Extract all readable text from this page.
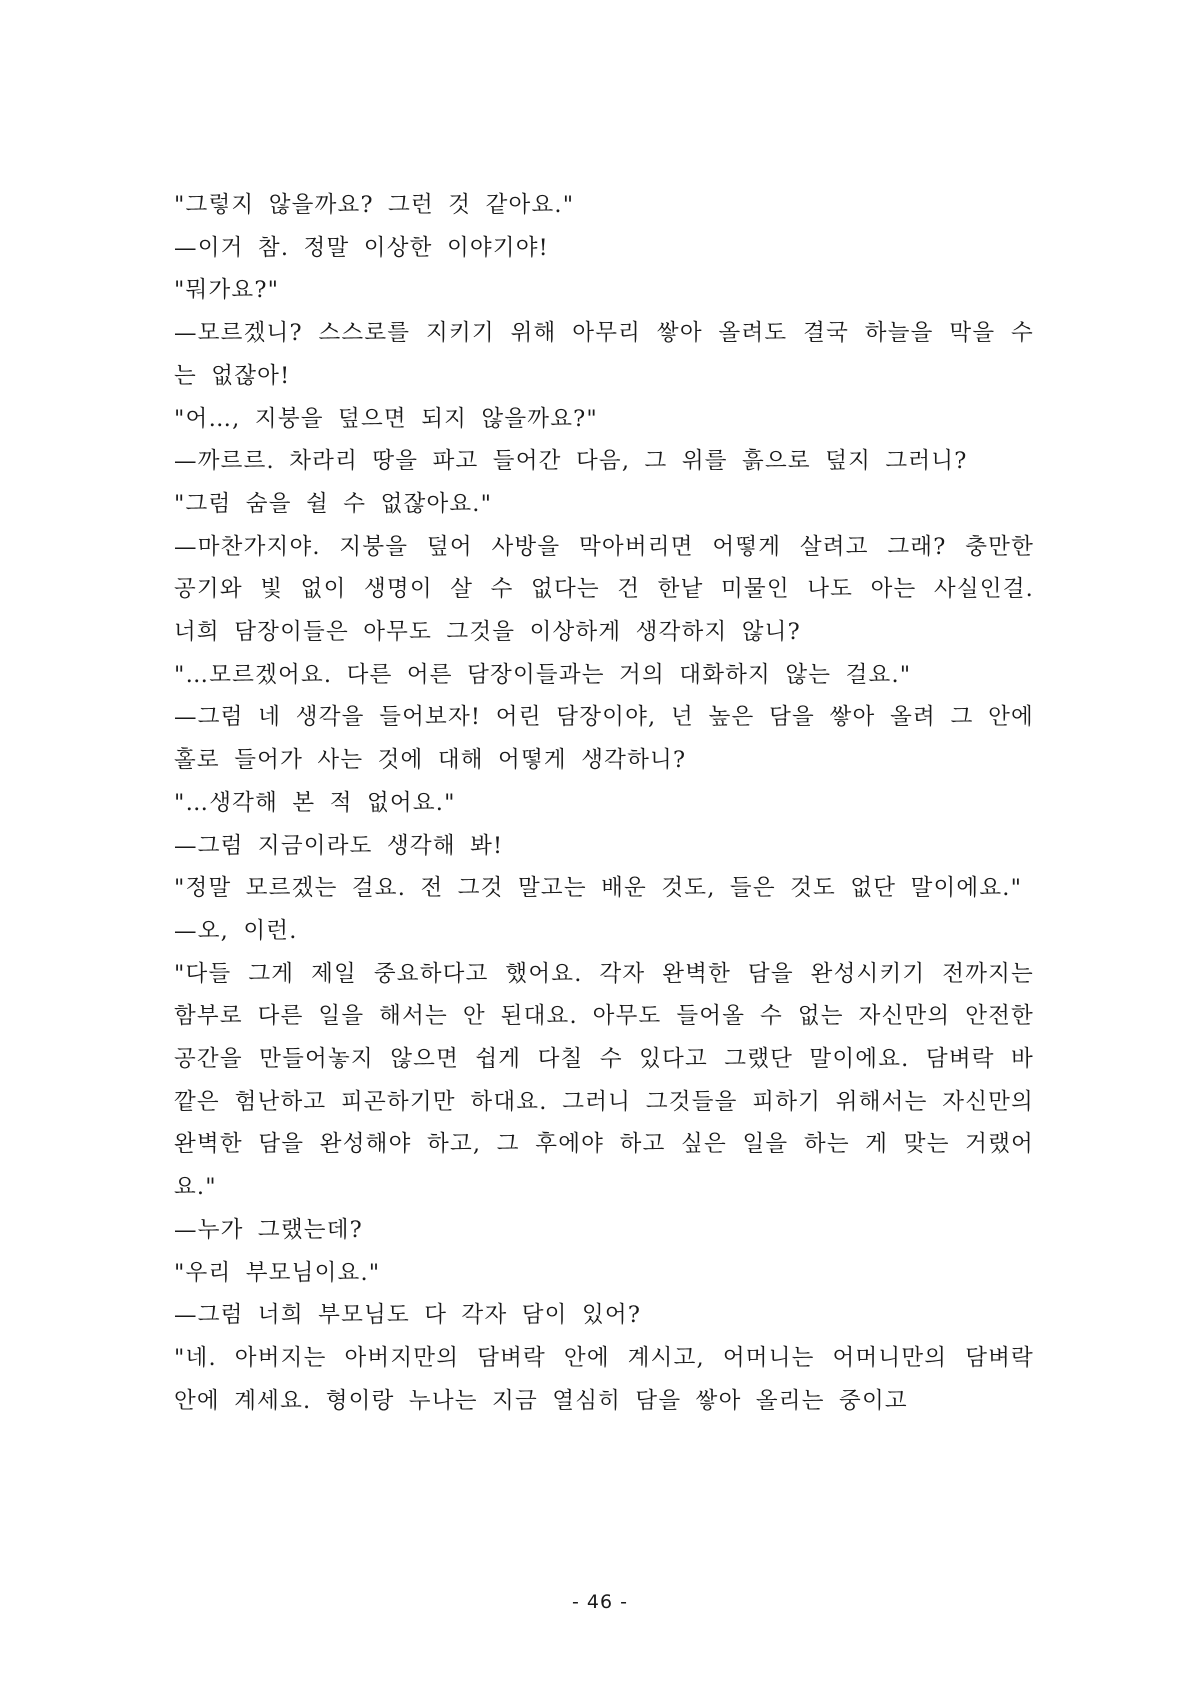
"그렇지 않을까요? 그런 것 같아요."

—이거 참. 정말 이상한 이야기야!

"뭐가요?"

—모르겠니? 스스로를 지키기 위해 아무리 쌓아 올려도 결국 하늘을 막을 수는 없잖아!

"어…, 지붕을 덮으면 되지 않을까요?"

—까르르. 차라리 땅을 파고 들어간 다음, 그 위를 흙으로 덮지 그러니?

"그럼 숨을 쉴 수 없잖아요."

—마찬가지야. 지붕을 덮어 사방을 막아버리면 어떻게 살려고 그래? 충만한 공기와 빛 없이 생명이 살 수 없다는 건 한낱 미물인 나도 아는 사실인걸. 너희 담장이들은 아무도 그것을 이상하게 생각하지 않니?

"…모르겠어요. 다른 어른 담장이들과는 거의 대화하지 않는 걸요."

—그럼 네 생각을 들어보자! 어린 담장이야, 넌 높은 담을 쌓아 올려 그 안에 홀로 들어가 사는 것에 대해 어떻게 생각하니?

"…생각해 본 적 없어요."

—그럼 지금이라도 생각해 봐!

"정말 모르겠는 걸요. 전 그것 말고는 배운 것도, 들은 것도 없단 말이에요."

—오, 이런.

"다들 그게 제일 중요하다고 했어요. 각자 완벽한 담을 완성시키기 전까지는 함부로 다른 일을 해서는 안 된대요. 아무도 들어올 수 없는 자신만의 안전한 공간을 만들어놓지 않으면 쉽게 다칠 수 있다고 그랬단 말이에요. 담벼락 바깥은 험난하고 피곤하기만 하대요. 그러니 그것들을 피하기 위해서는 자신만의 완벽한 담을 완성해야 하고, 그 후에야 하고 싶은 일을 하는 게 맞는 거랬어요."

—누가 그랬는데?

"우리 부모님이요."

—그럼 너희 부모님도 다 각자 담이 있어?

"네. 아버지는 아버지만의 담벼락 안에 계시고, 어머니는 어머니만의 담벼락 안에 계세요. 형이랑 누나는 지금 열심히 담을 쌓아 올리는 중이고

- 46 -
